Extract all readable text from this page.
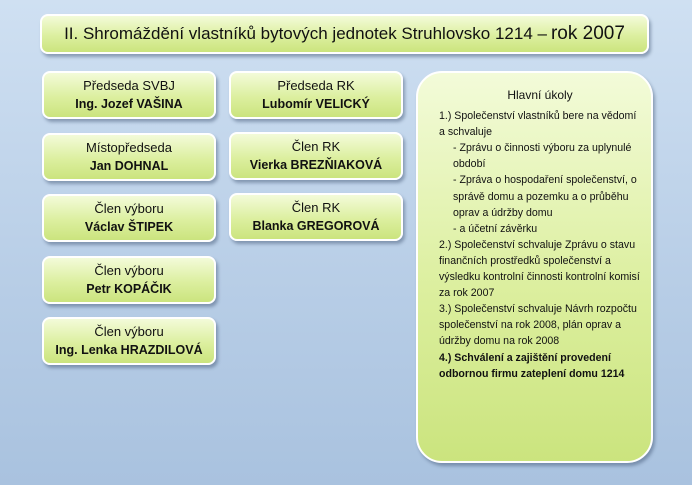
II. Shromáždění vlastníků bytových jednotek Struhlovsko 1214 – rok 2007
Předseda SVBJ
Ing. Jozef VAŠINA
Místopředseda
Jan DOHNAL
Člen výboru
Václav ŠTIPEK
Člen výboru
Petr KOPÁČIK
Člen výboru
Ing. Lenka HRAZDILOVÁ
Předseda RK
Lubomír VELICKÝ
Člen RK
Vierka BREZŇIAKOVÁ
Člen RK
Blanka GREGOROVÁ
Hlavní úkoly

1.) Společenství vlastníků bere na vědomí a schvaluje

- Zprávu o činnosti výboru za uplynulé období

- Zpráva o hospodaření společenství, o správě domu a pozemku a o průběhu oprav a údržby domu

- a účetní závěrku

2.) Společenství schvaluje Zprávu o stavu finančních prostředků společenství a výsledku kontrolní činnosti kontrolní komisí za rok 2007

3.) Společenství schvaluje Návrh rozpočtu společenství na rok 2008, plán oprav a údržby domu na rok 2008

4.) Schválení a zajištění provedení odbornou firmu zateplení domu 1214
